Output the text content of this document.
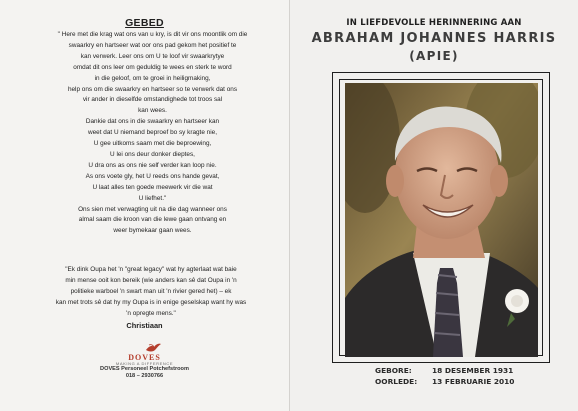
GEBED

" Here met die krag wat ons van u kry, is dit vir ons moontlik om die

swaarkry en hartseer wat oor ons pad gekom het positief te

kan verwerk. Leer ons om U te loof vir swaarkrytye

omdat dit ons leer om geduldig te wees en sterk te word

in die geloof, om te groei in heiligmaking,

help ons om die swaarkry en hartseer so te verwerk dat ons

vir ander in dieselfde omstandighede tot troos sal

kan wees.

Dankie dat ons in die swaarkry en hartseer kan

weet dat U niemand beproef bo sy kragte nie,

U gee uitkoms saam met die beproewing,

U lei ons deur donker dieptes,

U dra ons as ons nie self verder kan loop nie.

As ons voete gly, het U reeds ons hande gevat,

U laat alles ten goede meewerk vir die wat

U liefhet."

Ons sien met verwagting uit na die dag wanneer ons

almal saam die kroon van die lewe gaan ontvang en

weer bymekaar gaan wees.

"Ek dink Oupa het 'n "great legacy" wat hy agterlaat wat baie

min mense ooit kon bereik (wie anders kan sê dat Oupa in 'n

politieke warboel 'n swart man uit 'n rivier gered het) – ek

kan met trots sê dat hy my Oupa is in enige geselskap want hy was

'n opregte mens."

Christiaan
DOVES
MAKING A DIFFERENCE
DOVES Personeel Potchefstroom
018 – 2930766
IN LIEFDEVOLLE HERINNERING AAN
ABRAHAM JOHANNES HARRIS
(APIE)
GEBORE:	18 DESEMBER 1931
OORLEDE:	13 FEBRUARIE 2010
